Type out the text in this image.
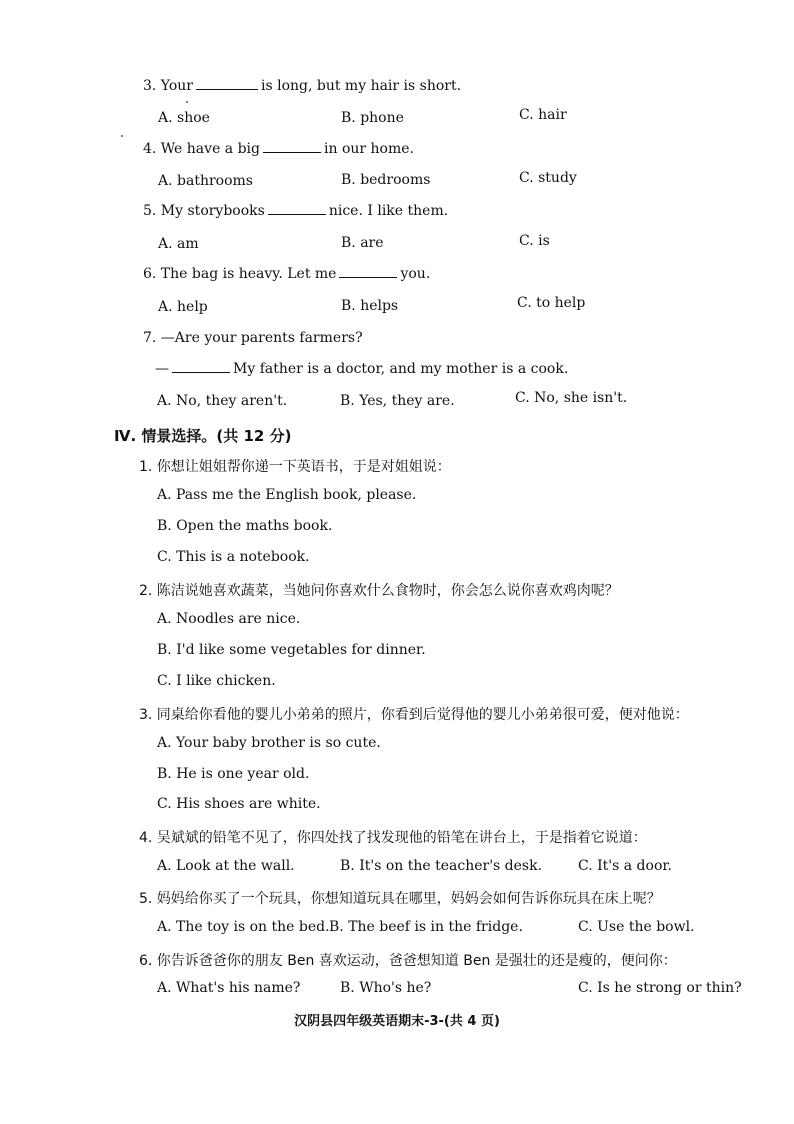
3. Your	is long, but my hair is short.
A. shoe	B. phone	C. hair
4. We have a big	in our home.
A. bathrooms	B. bedrooms	C. study
5. My storybooks	nice. I like them.
A. am	B. are	C. is
6. The bag is heavy. Let me	you.
A. help	B. helps	C. to help
7. —Are your parents farmers?
—	My father is a doctor, and my mother is a cook.
A. No, they aren't.	B. Yes, they are.	C. No, she isn't.
Ⅳ. 情景选择。(共 12 分)
1. 你想让姐姐帮你递一下英语书，于是对姐姐说：
A. Pass me the English book, please.
B. Open the maths book.
C. This is a notebook.
2. 陈洁说她喜欢蔬菜，当她问你喜欢什么食物时，你会怎么说你喜欢鸡肉呢？
A. Noodles are nice.
B. I'd like some vegetables for dinner.
C. I like chicken.
3. 同桌给你看他的婴儿小弟弟的照片，你看到后觉得他的婴儿小弟弟很可爱，便对他说：
A. Your baby brother is so cute.
B. He is one year old.
C. His shoes are white.
4. 吴斌斌的铅笔不见了，你四处找了找发现他的铅笔在讲台上，于是指着它说道：
A. Look at the wall.	B. It's on the teacher's desk.	C. It's a door.
5. 妈妈给你买了一个玩具，你想知道玩具在哪里，妈妈会如何告诉你玩具在床上呢？
A. The toy is on the bed. B. The beef is in the fridge.	C. Use the bowl.
6. 你告诉爸爸你的朋友 Ben 喜欢运动，爸爸想知道 Ben 是强壮的还是瘦的，便问你：
A. What's his name?	B. Who's he?	C. Is he strong or thin?
汉阴县四年级英语期末-3-(共 4 页)
